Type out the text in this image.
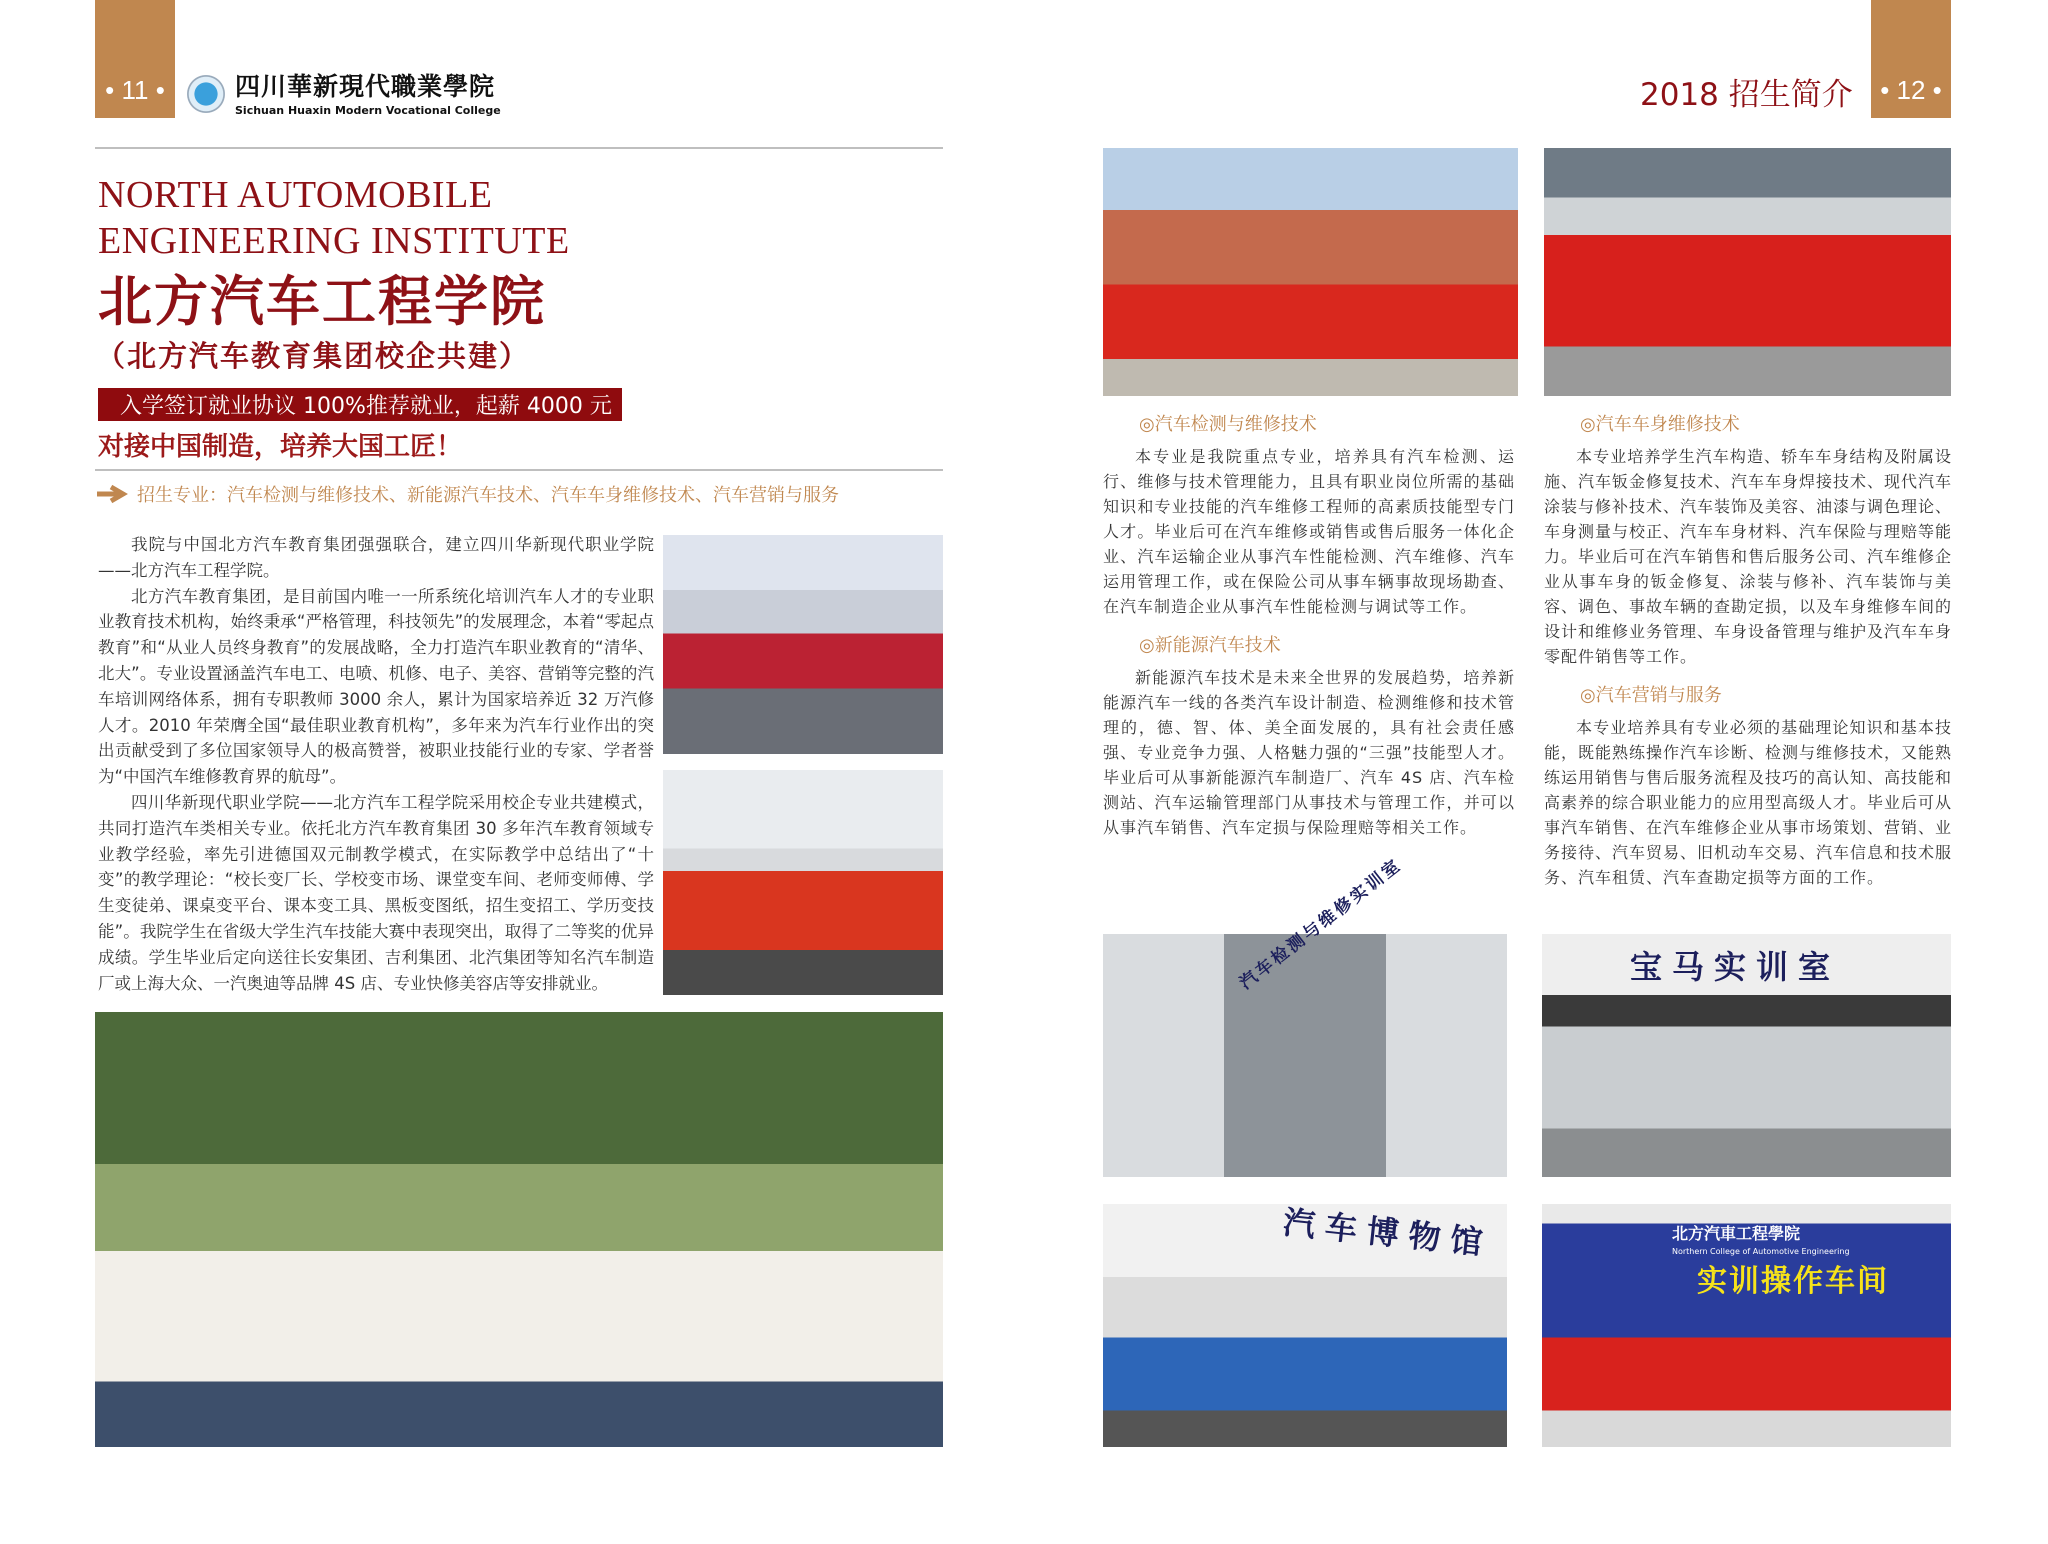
• 11 •	四川華新現代職業學院
Sichuan Huaxin Modern Vocational College
NORTH AUTOMOBILE
ENGINEERING INSTITUTE
北方汽车工程学院
（北方汽车教育集团校企共建）
入学签订就业协议 100%推荐就业，起薪 4000 元
对接中国制造，培养大国工匠！
招生专业：汽车检测与维修技术、新能源汽车技术、汽车车身维修技术、汽车营销与服务

我院与中国北方汽车教育集团强强联合，建立四川华新现代职业学院——北方汽车工程学院。

北方汽车教育集团，是目前国内唯一一所系统化培训汽车人才的专业职业教育技术机构，始终秉承“严格管理，科技领先”的发展理念，本着“零起点教育”和“从业人员终身教育”的发展战略，全力打造汽车职业教育的“清华、北大”。专业设置涵盖汽车电工、电喷、机修、电子、美容、营销等完整的汽车培训网络体系，拥有专职教师 3000 余人，累计为国家培养近 32 万汽修人才。2010 年荣膺全国“最佳职业教育机构”，多年来为汽车行业作出的突出贡献受到了多位国家领导人的极高赞誉，被职业技能行业的专家、学者誉为“中国汽车维修教育界的航母”。

四川华新现代职业学院——北方汽车工程学院采用校企专业共建模式，共同打造汽车类相关专业。依托北方汽车教育集团 30 多年汽车教育领域专业教学经验，率先引进德国双元制教学模式，在实际教学中总结出了“十变”的教学理论：“校长变厂长、学校变市场、课堂变车间、老师变师傅、学生变徒弟、课桌变平台、课本变工具、黑板变图纸，招生变招工、学历变技能”。我院学生在省级大学生汽车技能大赛中表现突出，取得了二等奖的优异成绩。学生毕业后定向送往长安集团、吉利集团、北汽集团等知名汽车制造厂或上海大众、一汽奥迪等品牌 4S 店、专业快修美容店等安排就业。

2018 招生简介	• 12 •
◎汽车检测与维修技术

本专业是我院重点专业，培养具有汽车检测、运行、维修与技术管理能力，且具有职业岗位所需的基础知识和专业技能的汽车维修工程师的高素质技能型专门人才。毕业后可在汽车维修或销售或售后服务一体化企业、汽车运输企业从事汽车性能检测、汽车维修、汽车运用管理工作，或在保险公司从事车辆事故现场勘查、在汽车制造企业从事汽车性能检测与调试等工作。

◎新能源汽车技术

新能源汽车技术是未来全世界的发展趋势，培养新能源汽车一线的各类汽车设计制造、检测维修和技术管理的，德、智、体、美全面发展的，具有社会责任感强、专业竞争力强、人格魅力强的“三强”技能型人才。毕业后可从事新能源汽车制造厂、汽车 4S 店、汽车检测站、汽车运输管理部门从事技术与管理工作，并可以从事汽车销售、汽车定损与保险理赔等相关工作。

◎汽车车身维修技术

本专业培养学生汽车构造、轿车车身结构及附属设施、汽车钣金修复技术、汽车车身焊接技术、现代汽车涂装与修补技术、汽车装饰及美容、油漆与调色理论、车身测量与校正、汽车车身材料、汽车保险与理赔等能力。毕业后可在汽车销售和售后服务公司、汽车维修企业从事车身的钣金修复、涂装与修补、汽车装饰与美容、调色、事故车辆的查勘定损，以及车身维修车间的设计和维修业务管理、车身设备管理与维护及汽车车身零配件销售等工作。

◎汽车营销与服务

本专业培养具有专业必须的基础理论知识和基本技能，既能熟练操作汽车诊断、检测与维修技术，又能熟练运用销售与售后服务流程及技巧的高认知、高技能和高素养的综合职业能力的应用型高级人才。毕业后可从事汽车销售、在汽车维修企业从事市场策划、营销、业务接待、汽车贸易、旧机动车交易、汽车信息和技术服务、汽车租赁、汽车查勘定损等方面的工作。

汽车检测与维修实训室	宝马实训室
汽车博物馆	北方汽車工程學院
Northern College of Automotive Engineering
实训操作车间
